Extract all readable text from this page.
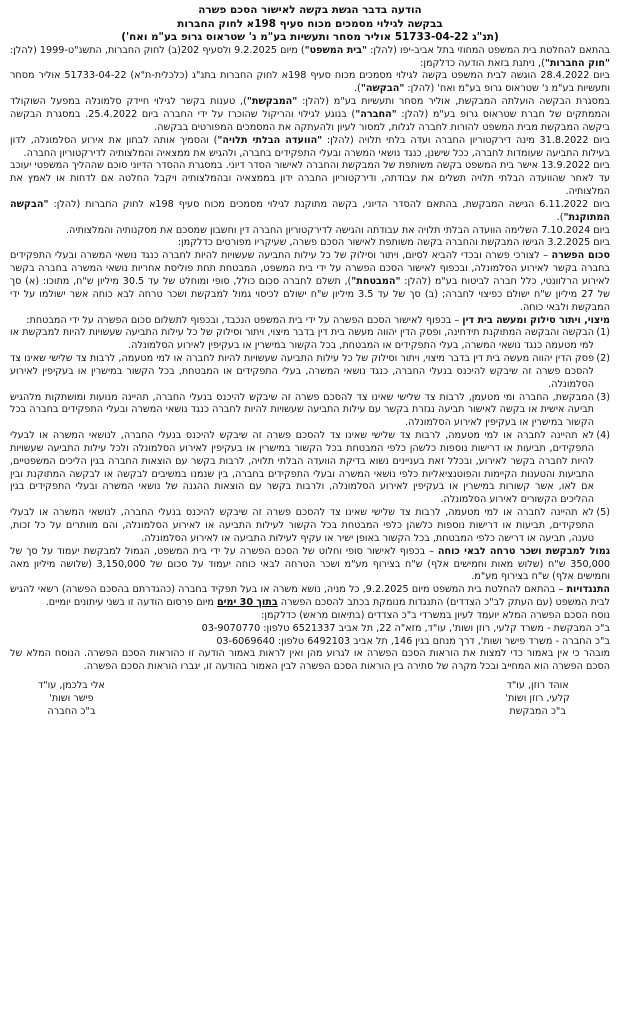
הודעה בדבר הגשת בקשה לאישור הסכם פשרה

בבקשה לגילוי מסמכים מכוח סעיף 198א לחוק החברות

(תנ"ג 51733-04-22 אוליר מסחר ותעשיות בע"מ נ' שטראוס גרופ בע"מ ואח')

בהתאם להחלטת בית המשפט המחוזי בתל אביב-יפו (להלן: "בית המשפט") מיום 9.2.2025 ולסעיף 202(ב) לחוק החברות, התשנ"ט-1999 (להלן: "חוק החברות"), ניתנת בזאת הודעה כדלקמן:

ביום 28.4.2022 הוגשה לבית המשפט בקשה לגילוי מסמכים מכוח סעיף 198א לחוק החברות בתנ"ג (כלכלית-ת"א) 51733-04-22 אוליר מסחר ותעשיות בע"מ נ' שטראוס גרופ בע"מ ואח' (להלן: "הבקשה").

במסגרת הבקשה הועלתה המבקשת, אוליר מסחר ותעשיות בע"מ (להלן: "המבקשת"), טענות בקשר לגילוי חיידק סלמונלה במפעל השוקולד והממתקים של חברת שטראוס גרופ בע"מ (להלן: "החברה") בנוגע לגילוי והריקול שהוכרז על ידי החברה ביום 25.4.2022. במסגרת הבקשה ביקשה המבקשת מבית המשפט להורות לחברה לגלות, למסור לעיון ולהעתקה את המסמכים המפורטים בבקשה.

ביום 31.8.2022 מינה דירקטוריון החברה ועדה בלתי תלויה (להלן: "הוועדה הבלתי תלויה") והסמיך אותה לבחון את אירוע הסלמונלה, לדון בעילות התביעה שעומדות לחברה, ככל שישנן, כנגד נושאי המשרה ובעלי התפקידים בחברה, ולהגיש את ממצאיה והמלצותיה לדירקטוריון החברה.

ביום 13.9.2022 אישר בית המשפט בקשה משותפת של המבקשת והחברה לאישור הסדר דיוני. במסגרת ההסדר הדיוני סוכם שההליך המשפטי יעוכב עד לאחר שהוועדה הבלתי תלויה תשלים את עבודתה, ודירקטוריון החברה ידון בממצאיה ובהמלצותיה ויקבל החלטה אם לדחות או לאמץ את המלצותיה.

ביום 6.11.2022 הגישה המבקשת, בהתאם להסדר הדיוני, בקשה מתוקנת לגילוי מסמכים מכוח סעיף 198א לחוק החברות (להלן: "הבקשה המתוקנת").

ביום 7.10.2024 השלימה הוועדה הבלתי תלויה את עבודתה והגישה לדירקטוריון החברה דין וחשבון שמסכם את מסקנותיה והמלצותיה.

ביום 3.2.2025 הגישו המבקשת והחברה בקשה משותפת לאישור הסכם פשרה, שעיקריו מפורטים כדלקמן:

סכום הפשרה – לצורכי פשרה ובכדי להביא לסיום, ויתור וסילוק של כל עילות התביעה שעשויות להיות לחברה כנגד נושאי המשרה ובעלי התפקידים בחברה בקשר לאירוע הסלמונלה, ובכפוף לאישור הסכם הפשרה על ידי בית המשפט, המבטחת תחת פוליסת אחריות נושאי המשרה בחברה בקשר לאירוע הרלוונטי, כלל חברה לביטוח בע"מ (להלן: "המבטחת"), תשלם לחברה סכום כולל, סופי ומוחלט של עד 30.5 מיליון ש"ח, מתוכו: (א) סך של 27 מיליון ש"ח ישולם כפיצוי לחברה; (ב) סך של עד 3.5 מיליון ש"ח ישולם לכיסוי גמול למבקשת ושכר טרחה לבא כוחה אשר ישולמו על ידי המבקשת ולבאי כוחה.

מיצוי, ויתור סילוק ומעשה בית דין – בכפוף לאישור הסכם הפשרה על ידי בית המשפט הנכבד, ובכפוף לתשלום סכום הפשרה על ידי המבטחת:

(1)
הבקשה והבקשה המתוקנת תידחינה, ופסק הדין יהווה מעשה בית דין בדבר מיצוי, ויתור וסילוק של כל עילות התביעה שעשויות להיות למבקשת או למי מטעמה כנגד נושאי המשרה, בעלי התפקידים או המבטחת, בכל הקשור במישרין או בעקיפין לאירוע הסלמונלה.
(2)
פסק הדין יהווה מעשה בית דין בדבר מיצוי, ויתור וסילוק של כל עילות התביעה שעשויות להיות לחברה או למי מטעמה, לרבות צד שלישי שאינו צד להסכם פשרה זה שיבקש להיכנס בנעלי החברה, כנגד נושאי המשרה, בעלי התפקידים או המבטחת, בכל הקשור במישרין או בעקיפין לאירוע הסלמונלה.
(3)
המבקשת, החברה ומי מטעמן, לרבות צד שלישי שאינו צד להסכם פשרה זה שיבקש להיכנס בנעלי החברה, תהיינה מנועות ומושתקות מלהגיש תביעה אישית או בקשה לאישור תביעה נגזרת בקשר עם עילות התביעה שעשויות להיות לחברה כנגד נושאי המשרה ובעלי התפקידים בחברה בכל הקשור במישרין או בעקיפין לאירוע הסלמונלה.
(4)
לא תהיינה לחברה או למי מטעמה, לרבות צד שלישי שאינו צד להסכם פשרה זה שיבקש להיכנס בנעלי החברה, לנושאי המשרה או לבעלי התפקידים, תביעות או דרישות נוספות כלשהן כלפי המבטחת בכל הקשור במישרין או בעקיפין לאירוע הסלמונלה ולכל עילות התביעה שעשויות להיות לחברה בקשר לאירוע, ובכלל זאת בעניינים נשוא בדיקת הוועדה הבלתי תלויה, לרבות בקשר עם הוצאות החברה בגין הליכים המשפטיים, התביעות והטענות הקיימות והפוטנציאליות כלפי נושאי המשרה ובעלי התפקידים בחברה, בין שנמנו במשיבים לבקשה או לבקשה המתוקנת ובין אם לאו, אשר קשורות במישרין או בעקיפין לאירוע הסלמונלה, ולרבות בקשר עם הוצאות ההגנה של נושאי המשרה ובעלי התפקידים בגין ההליכים הקשורים לאירוע הסלמונלה.
(5)
לא תהיינה לחברה או למי מטעמה, לרבות צד שלישי שאינו צד להסכם פשרה זה שיבקש להיכנס בנעלי החברה, לנושאי המשרה או לבעלי התפקידים, תביעות או דרישות נוספות כלשהן כלפי המבטחת בכל הקשור לעילות התביעה או לאירוע הסלמונלה, והם מוותרים על כל זכות, טענה, תביעה או דרישה כלפי המבטחת, בכל הקשור באופן ישיר או עקיף לעילות התביעה או לאירוע הסלמונלה.

גמול למבקשת ושכר טרחה לבאי כוחה – בכפוף לאישור סופי וחלוט של הסכם הפשרה על ידי בית המשפט, הגמול למבקשת יעמוד על סך של 350,000 ש"ח (שלוש מאות וחמישים אלף) ש"ח בצירוף מע"מ ושכר הטרחה לבאי כוחה יעמוד על סכום של 3,150,000 (שלושה מיליון מאה וחמישים אלף) ש"ח בצירוף מע"מ.

התנגדויות – בהתאם להחלטת בית המשפט מיום 9.2.2025, כל מניה, נושא משרה או בעל תפקיד בחברה (כהגדרתם בהסכם הפשרה) רשאי להגיש לבית המשפט (עם העתק לב"כ הצדדים) התנגדות מנומקת בכתב להסכם הפשרה בתוך 30 ימים מיום פרסום הודעה זו בשני עיתונים יומיים.

נוסח הסכם הפשרה המלא יועמד לעיון במשרדי ב"כ הצדדים (בתיאום מראש) כדלקמן:

ב"כ המבקשת - משרד קלעי, רוזן ושות', עו"ד, מזא"ה 22, תל אביב 6521337 טלפון: 03-9070770

ב"כ החברה - משרד פישר ושות', דרך מנחם בגין 146, תל אביב 6492103 טלפון: 03-6069640

מובהר כי אין באמור כדי למצות את הוראות הסכם הפשרה או לגרוע מהן ואין לראות באמור הודעה זו כהוראות הסכם הפשרה. הנוסח המלא של הסכם הפשרה הוא המחייב ובכל מקרה של סתירה בין הוראות הסכם הפשרה לבין האמור בהודעה זו, יגברו הוראות הסכם הפשרה.

אוהד רוזן, עו"ד
קלעי, רוזן ושות'
ב"כ המבקשת
אלי בלכמן, עו"ד
פישר ושות'
ב"כ החברה
